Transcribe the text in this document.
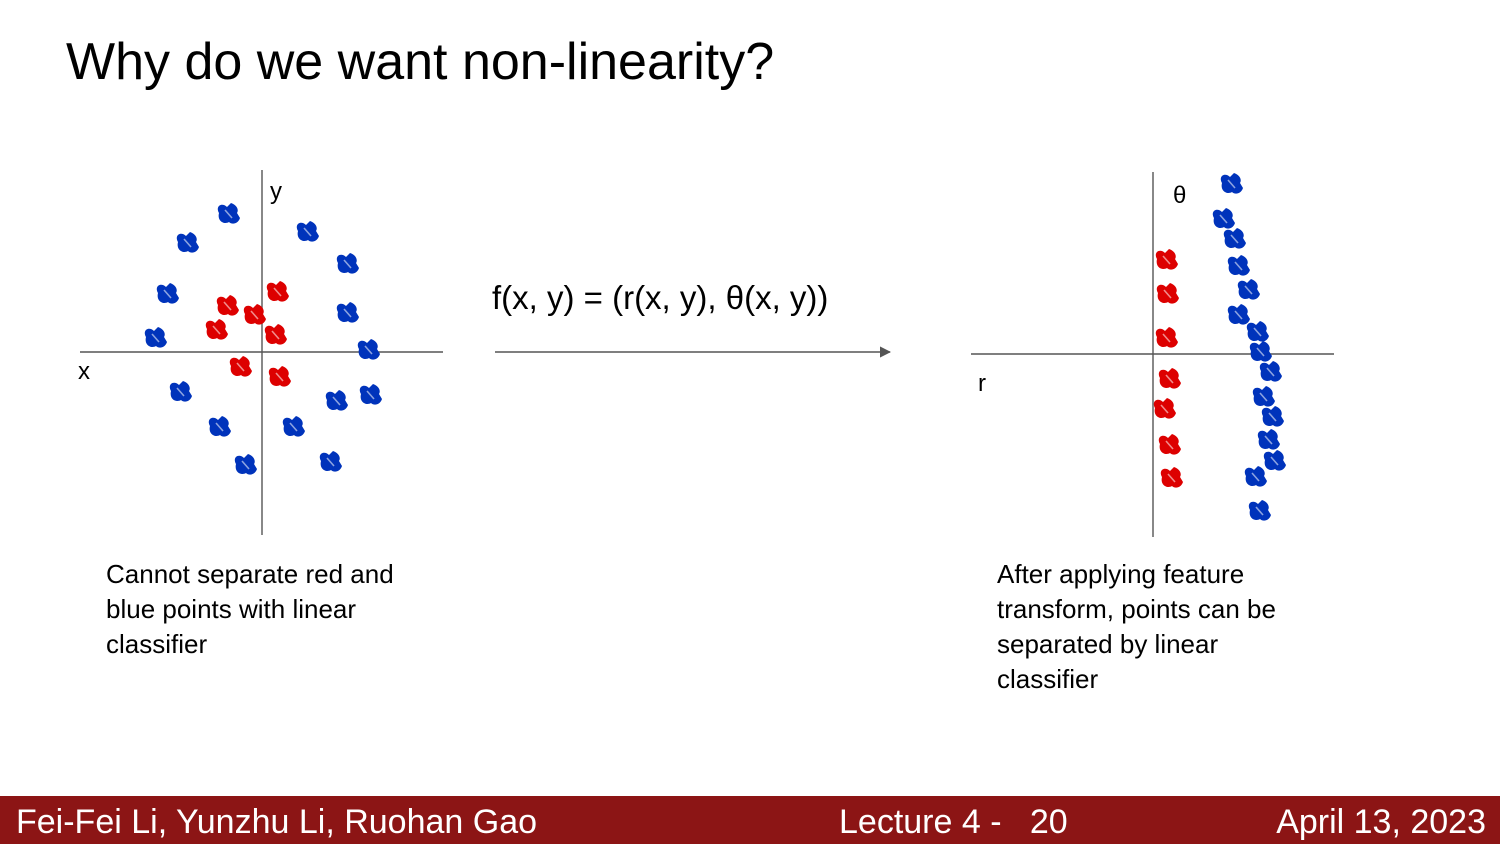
Why do we want non-linearity?
y
x
θ
r
f(x, y) = (r(x, y), θ(x, y))

Cannot separate red and blue points with linear classifier

After applying feature transform, points can be separated by linear classifier

Fei-Fei Li, Yunzhu Li, Ruohan Gao	Lecture 4 -   20	April 13, 2023
